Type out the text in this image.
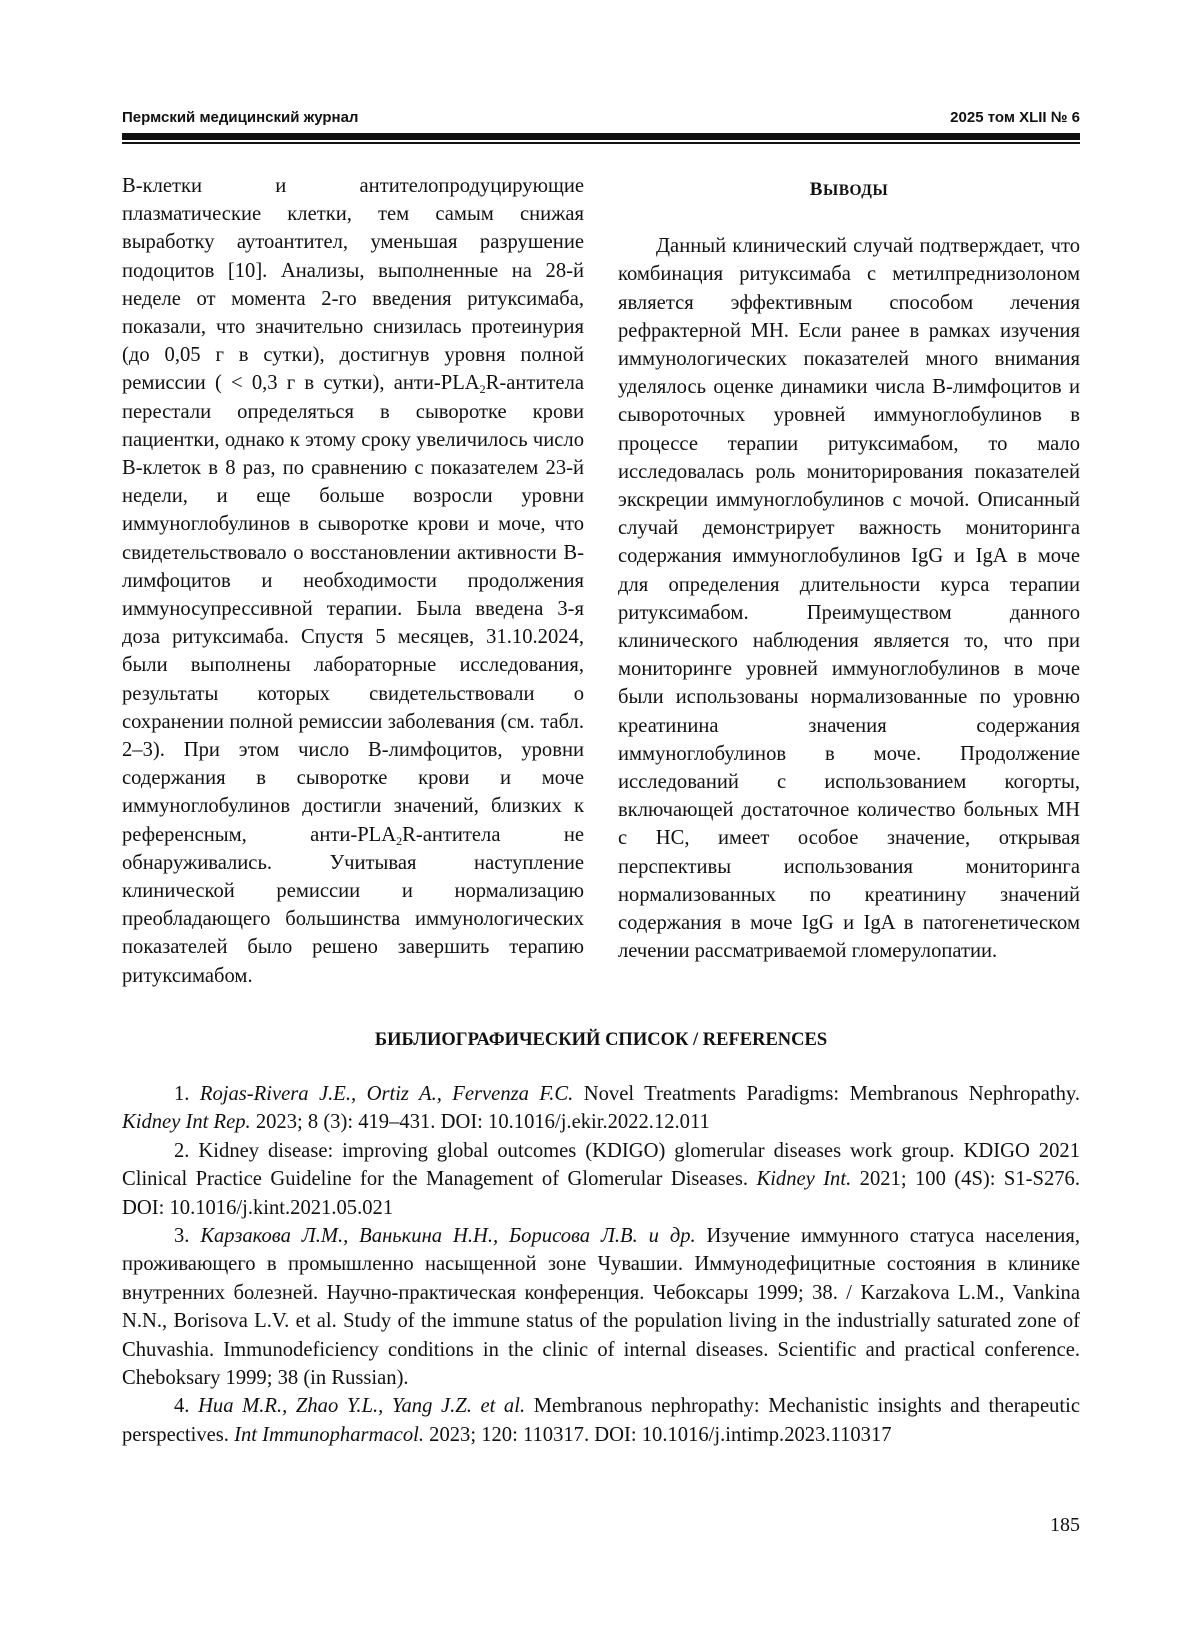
Пермский медицинский журнал	2025 том XLII № 6

В-клетки и антителопродуцирующие плазматические клетки, тем самым снижая выработку аутоантител, уменьшая разрушение подоцитов [10]. Анализы, выполненные на 28-й неделе от момента 2-го введения ритуксимаба, показали, что значительно снизилась протеинурия (до 0,05 г в сутки), достигнув уровня полной ремиссии ( < 0,3 г в сутки), анти-$PLA_2R$-антитела перестали определяться в сыворотке крови пациентки, однако к этому сроку увеличилось число В-клеток в 8 раз, по сравнению с показателем 23-й недели, и еще больше возросли уровни иммуноглобулинов в сыворотке крови и моче, что свидетельствовало о восстановлении активности В-лимфоцитов и необходимости продолжения иммуносупрессивной терапии. Была введена 3-я доза ритуксимаба. Спустя 5 месяцев, 31.10.2024, были выполнены лабораторные исследования, результаты которых свидетельствовали о сохранении полной ремиссии заболевания (см. табл. 2–3). При этом число В-лимфоцитов, уровни содержания в сыворотке крови и моче иммуноглобулинов достигли значений, близких к референсным, анти-$PLA_2R$-антитела не обнаруживались. Учитывая наступление клинической ремиссии и нормализацию преобладающего большинства иммунологических показателей было решено завершить терапию ритуксимабом.

ВЫВОДЫ

Данный клинический случай подтверждает, что комбинация ритуксимаба с метилпреднизолоном является эффективным способом лечения рефрактерной МН. Если ранее в рамках изучения иммунологических показателей много внимания уделялось оценке динамики числа В-лимфоцитов и сывороточных уровней иммуноглобулинов в процессе терапии ритуксимабом, то мало исследовалась роль мониторирования показателей экскреции иммуноглобулинов с мочой. Описанный случай демонстрирует важность мониторинга содержания иммуноглобулинов IgG и IgA в моче для определения длительности курса терапии ритуксимабом. Преимуществом данного клинического наблюдения является то, что при мониторинге уровней иммуноглобулинов в моче были использованы нормализованные по уровню креатинина значения содержания иммуноглобулинов в моче. Продолжение исследований с использованием когорты, включающей достаточное количество больных МН с НС, имеет особое значение, открывая перспективы использования мониторинга нормализованных по креатинину значений содержания в моче IgG и IgA в патогенетическом лечении рассматриваемой гломерулопатии.

БИБЛИОГРАФИЧЕСКИЙ СПИСОК / REFERENCES

1. Rojas-Rivera J.E., Ortiz A., Fervenza F.C. Novel Treatments Paradigms: Membranous Nephropathy. Kidney Int Rep. 2023; 8 (3): 419–431. DOI: 10.1016/j.ekir.2022.12.011

2. Kidney disease: improving global outcomes (KDIGO) glomerular diseases work group. KDIGO 2021 Clinical Practice Guideline for the Management of Glomerular Diseases. Kidney Int. 2021; 100 (4S): S1-S276. DOI: 10.1016/j.kint.2021.05.021

3. Карзакова Л.М., Ванькина Н.Н., Борисова Л.В. и др. Изучение иммунного статуса населения, проживающего в промышленно насыщенной зоне Чувашии. Иммунодефицитные состояния в клинике внутренних болезней. Научно-практическая конференция. Чебоксары 1999; 38. / Karzakova L.M., Vankina N.N., Borisova L.V. et al. Study of the immune status of the population living in the industrially saturated zone of Chuvashia. Immunodeficiency conditions in the clinic of internal diseases. Scientific and practical conference. Cheboksary 1999; 38 (in Russian).

4. Hua M.R., Zhao Y.L., Yang J.Z. et al. Membranous nephropathy: Mechanistic insights and therapeutic perspectives. Int Immunopharmacol. 2023; 120: 110317. DOI: 10.1016/j.intimp.2023.110317

185
